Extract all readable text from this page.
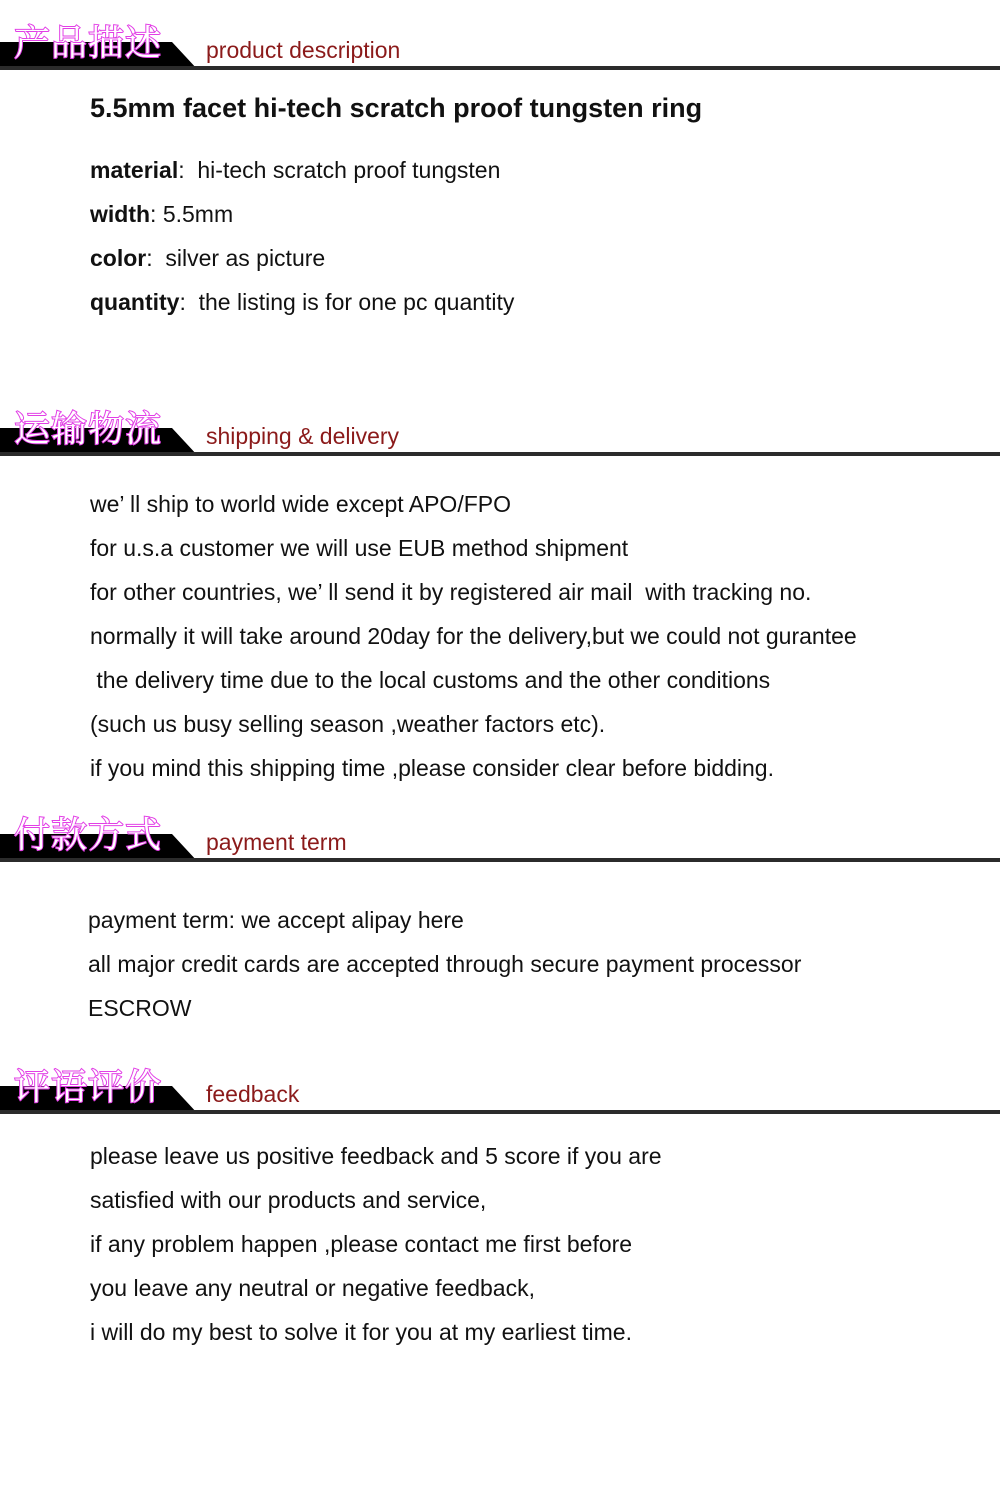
产品描述 product description
5.5mm facet hi-tech scratch proof tungsten ring
material:  hi-tech scratch proof tungsten
width: 5.5mm
color:  silver as picture
quantity:  the listing is for one pc quantity
运输物流 shipping & delivery
we’ ll ship to world wide except APO/FPO
for u.s.a customer we will use EUB method shipment
for other countries, we’ ll send it by registered air mail  with tracking no.
normally it will take around 20day for the delivery,but we could not gurantee
the delivery time due to the local customs and the other conditions
(such us busy selling season ,weather factors etc).
if you mind this shipping time ,please consider clear before bidding.
付款方式 payment term
payment term: we accept alipay here
all major credit cards are accepted through secure payment processor
ESCROW
评语评价 feedback
please leave us positive feedback and 5 score if you are
satisfied with our products and service,
if any problem happen ,please contact me first before
you leave any neutral or negative feedback,
i will do my best to solve it for you at my earliest time.
